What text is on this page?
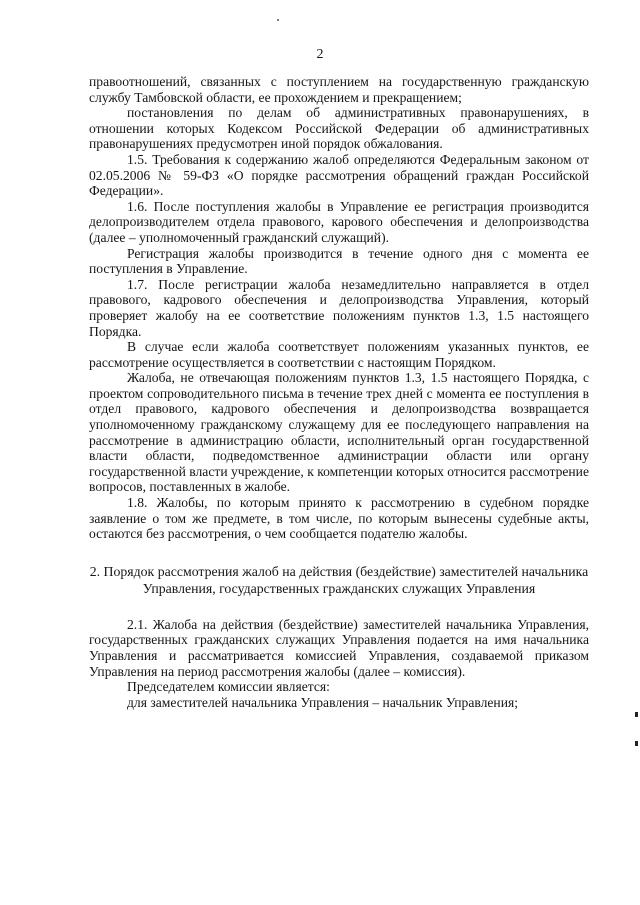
2

правоотношений, связанных с поступлением на государственную гражданскую службу Тамбовской области, ее прохождением и прекращением;

постановления по делам об административных правонарушениях, в отношении которых Кодексом Российской Федерации об административных правонарушениях предусмотрен иной порядок обжалования.

1.5. Требования к содержанию жалоб определяются Федеральным законом от 02.05.2006 № 59-ФЗ «О порядке рассмотрения обращений граждан Российской Федерации».

1.6. После поступления жалобы в Управление ее регистрация производится делопроизводителем отдела правового, карового обеспечения и делопроизводства (далее – уполномоченный гражданский служащий).

Регистрация жалобы производится в течение одного дня с момента ее поступления в Управление.

1.7. После регистрации жалоба незамедлительно направляется в отдел правового, кадрового обеспечения и делопроизводства Управления, который проверяет жалобу на ее соответствие положениям пунктов 1.3, 1.5 настоящего Порядка.

В случае если жалоба соответствует положениям указанных пунктов, ее рассмотрение осуществляется в соответствии с настоящим Порядком.

Жалоба, не отвечающая положениям пунктов 1.3, 1.5 настоящего Порядка, с проектом сопроводительного письма в течение трех дней с момента ее поступления в отдел правового, кадрового обеспечения и делопроизводства возвращается уполномоченному гражданскому служащему для ее последующего направления на рассмотрение в администрацию области, исполнительный орган государственной власти области, подведомственное администрации области или органу государственной власти учреждение, к компетенции которых относится рассмотрение вопросов, поставленных в жалобе.

1.8. Жалобы, по которым принято к рассмотрению в судебном порядке заявление о том же предмете, в том числе, по которым вынесены судебные акты, остаются без рассмотрения, о чем сообщается подателю жалобы.

2. Порядок рассмотрения жалоб на действия (бездействие) заместителей начальника Управления, государственных гражданских служащих Управления

2.1. Жалоба на действия (бездействие) заместителей начальника Управления, государственных гражданских служащих Управления подается на имя начальника Управления и рассматривается комиссией Управления, создаваемой приказом Управления на период рассмотрения жалобы (далее – комиссия).

Председателем комиссии является:

для заместителей начальника Управления – начальник Управления;
